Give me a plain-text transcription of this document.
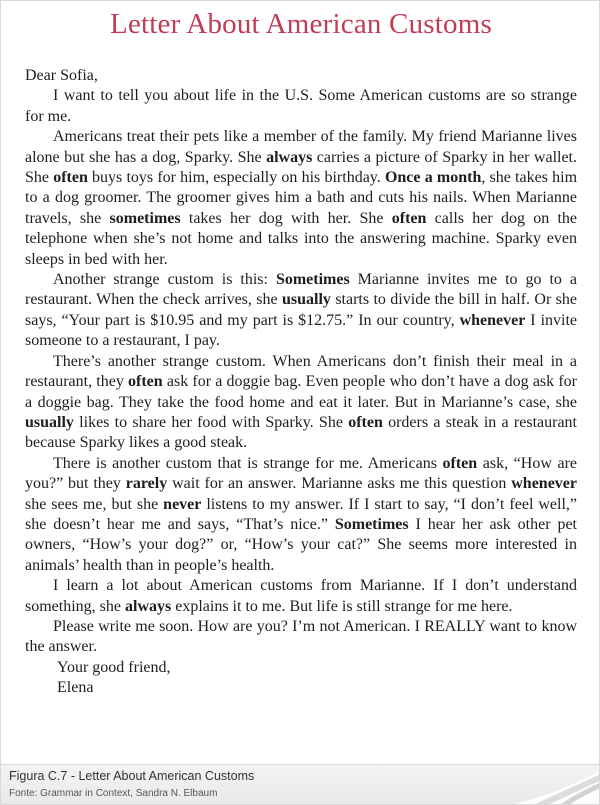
Letter About American Customs

Dear Sofia,

I want to tell you about life in the U.S. Some American customs are so strange for me.

Americans treat their pets like a member of the family. My friend Marianne lives alone but she has a dog, Sparky. She always carries a picture of Sparky in her wallet. She often buys toys for him, especially on his birthday. Once a month, she takes him to a dog groomer. The groomer gives him a bath and cuts his nails. When Marianne travels, she sometimes takes her dog with her. She often calls her dog on the telephone when she’s not home and talks into the answering machine. Sparky even sleeps in bed with her.

Another strange custom is this: Sometimes Marianne invites me to go to a restaurant. When the check arrives, she usually starts to divide the bill in half. Or she says, “Your part is $10.95 and my part is $12.75.” In our country, whenever I invite someone to a restaurant, I pay.

There’s another strange custom. When Americans don’t finish their meal in a restaurant, they often ask for a doggie bag. Even people who don’t have a dog ask for a doggie bag. They take the food home and eat it later. But in Marianne’s case, she usually likes to share her food with Sparky. She often orders a steak in a restaurant because Sparky likes a good steak.

There is another custom that is strange for me. Americans often ask, “How are you?” but they rarely wait for an answer. Marianne asks me this question whenever she sees me, but she never listens to my answer. If I start to say, “I don’t feel well,” she doesn’t hear me and says, “That’s nice.” Sometimes I hear her ask other pet owners, “How’s your dog?” or, “How’s your cat?” She seems more interested in animals’ health than in people’s health.

I learn a lot about American customs from Marianne. If I don’t understand something, she always explains it to me. But life is still strange for me here.

Please write me soon. How are you? I’m not American. I REALLY want to know the answer.

Your good friend,

Elena

Figura C.7 - Letter About American Customs
Fonte: Grammar in Context, Sandra N. Elbaum
